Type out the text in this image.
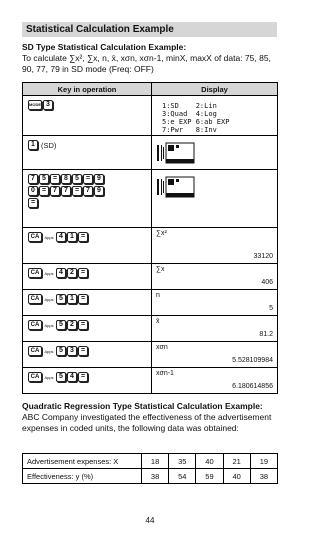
Statistical Calculation Example
SD Type Statistical Calculation Example:
To calculate ∑x², ∑x, n, x̄, xσn, xσn-1, minX, maxX of data: 75, 85, 90, 77, 79 in SD mode (Freq: OFF)
Key in operation	Display

MODE 3	1:SD    2:Lin
3:Quad  4:Log
5:e EXP 6:ab EXP
7:Pwr   8:Inv

1 (SD)

7 5 = 8 5 = 9
0 = 7 7 = 7 9
=

CA Apps 4 1 =	∑x²
33120

CA Apps 4 2 =	∑x
406

CA Apps 5 1 =	n
5

CA Apps 5 2 =	x̄
81.2

CA Apps 5 3 =	xσn
5.528109984

CA Apps 5 4 =	xσn-1
6.180614856
Quadratic Regression Type Statistical Calculation Example:
ABC Company investigated the effectiveness of the advertisement expenses in coded units, the following data was obtained:
Advertisement expenses: X	18	35	40	21	19
Effectiveness: y (%)	38	54	59	40	38
44
